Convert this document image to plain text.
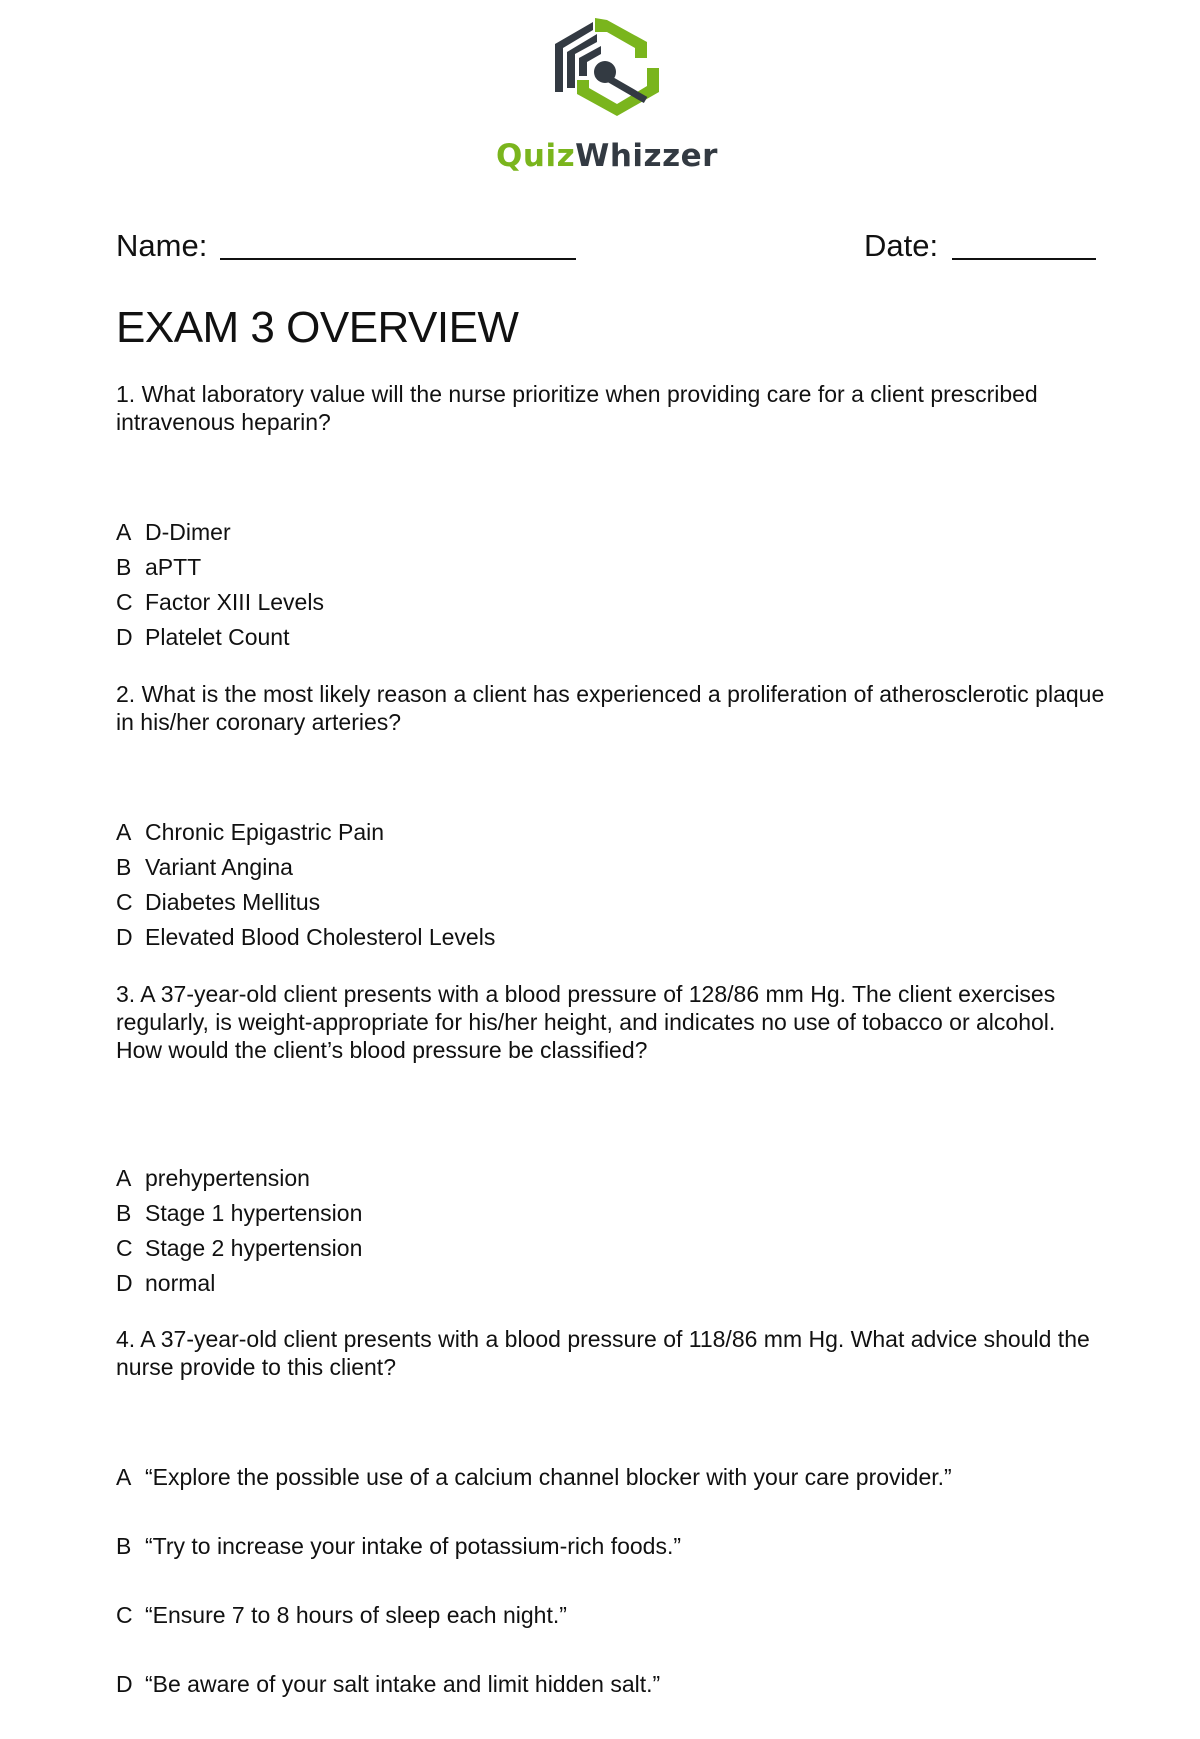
QuizWhizzer
Name:	Date:
EXAM 3 OVERVIEW

1. What laboratory value will the nurse prioritize when providing care for a client prescribed intravenous heparin?

A D-Dimer
B aPTT
C Factor XIII Levels
D Platelet Count

2. What is the most likely reason a client has experienced a proliferation of atherosclerotic plaque in his/her coronary arteries?

A Chronic Epigastric Pain
B Variant Angina
C Diabetes Mellitus
D Elevated Blood Cholesterol Levels

3. A 37-year-old client presents with a blood pressure of 128/86 mm Hg. The client exercises regularly, is weight-appropriate for his/her height, and indicates no use of tobacco or alcohol. How would the client’s blood pressure be classified?

A prehypertension
B Stage 1 hypertension
C Stage 2 hypertension
D normal

4. A 37-year-old client presents with a blood pressure of 118/86 mm Hg. What advice should the nurse provide to this client?

A “Explore the possible use of a calcium channel blocker with your care provider.”
B “Try to increase your intake of potassium-rich foods.”
C “Ensure 7 to 8 hours of sleep each night.”
D “Be aware of your salt intake and limit hidden salt.”
